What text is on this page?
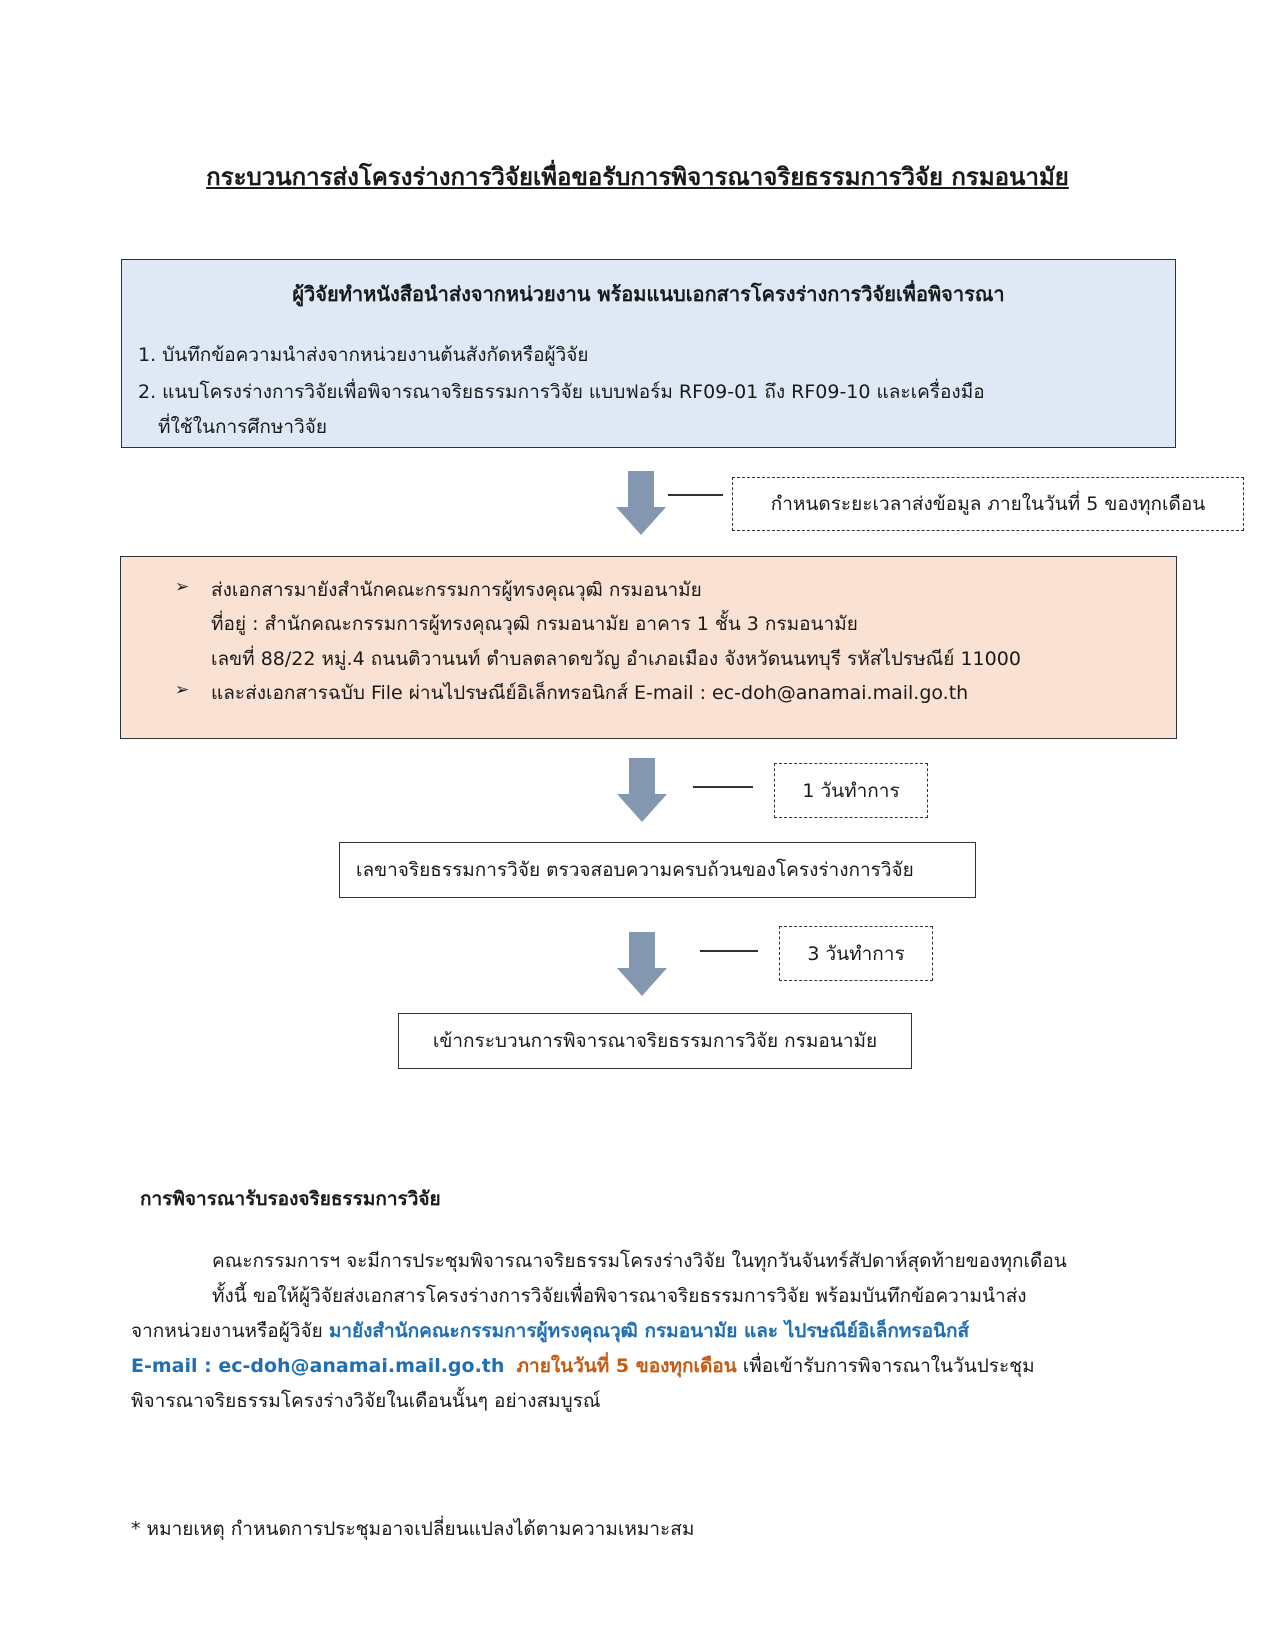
กระบวนการส่งโครงร่างการวิจัยเพื่อขอรับการพิจารณาจริยธรรมการวิจัย กรมอนามัย
ผู้วิจัยทำหนังสือนำส่งจากหน่วยงาน พร้อมแนบเอกสารโครงร่างการวิจัยเพื่อพิจารณา
1. บันทึกข้อความนำส่งจากหน่วยงานต้นสังกัดหรือผู้วิจัย
2. แนบโครงร่างการวิจัยเพื่อพิจารณาจริยธรรมการวิจัย แบบฟอร์ม RF09-01 ถึง RF09-10 และเครื่องมือ
ที่ใช้ในการศึกษาวิจัย
กำหนดระยะเวลาส่งข้อมูล ภายในวันที่ 5 ของทุกเดือน
➢ ส่งเอกสารมายังสำนักคณะกรรมการผู้ทรงคุณวุฒิ กรมอนามัย
ที่อยู่ : สำนักคณะกรรมการผู้ทรงคุณวุฒิ กรมอนามัย อาคาร 1 ชั้น 3 กรมอนามัย
เลขที่ 88/22 หมู่.4 ถนนติวานนท์ ตำบลตลาดขวัญ อำเภอเมือง จังหวัดนนทบุรี รหัสไปรษณีย์ 11000
➢ และส่งเอกสารฉบับ File ผ่านไปรษณีย์อิเล็กทรอนิกส์ E-mail : ec-doh@anamai.mail.go.th
1 วันทำการ
เลขาจริยธรรมการวิจัย ตรวจสอบความครบถ้วนของโครงร่างการวิจัย
3 วันทำการ
เข้ากระบวนการพิจารณาจริยธรรมการวิจัย กรมอนามัย
การพิจารณารับรองจริยธรรมการวิจัย
คณะกรรมการฯ จะมีการประชุมพิจารณาจริยธรรมโครงร่างวิจัย ในทุกวันจันทร์สัปดาห์สุดท้ายของทุกเดือน
ทั้งนี้ ขอให้ผู้วิจัยส่งเอกสารโครงร่างการวิจัยเพื่อพิจารณาจริยธรรมการวิจัย พร้อมบันทึกข้อความนำส่ง
จากหน่วยงานหรือผู้วิจัย มายังสำนักคณะกรรมการผู้ทรงคุณวุฒิ กรมอนามัย และ ไปรษณีย์อิเล็กทรอนิกส์
E-mail : ec-doh@anamai.mail.go.th ภายในวันที่ 5 ของทุกเดือน เพื่อเข้ารับการพิจารณาในวันประชุม
พิจารณาจริยธรรมโครงร่างวิจัยในเดือนนั้นๆ อย่างสมบูรณ์
* หมายเหตุ กำหนดการประชุมอาจเปลี่ยนแปลงได้ตามความเหมาะสม
